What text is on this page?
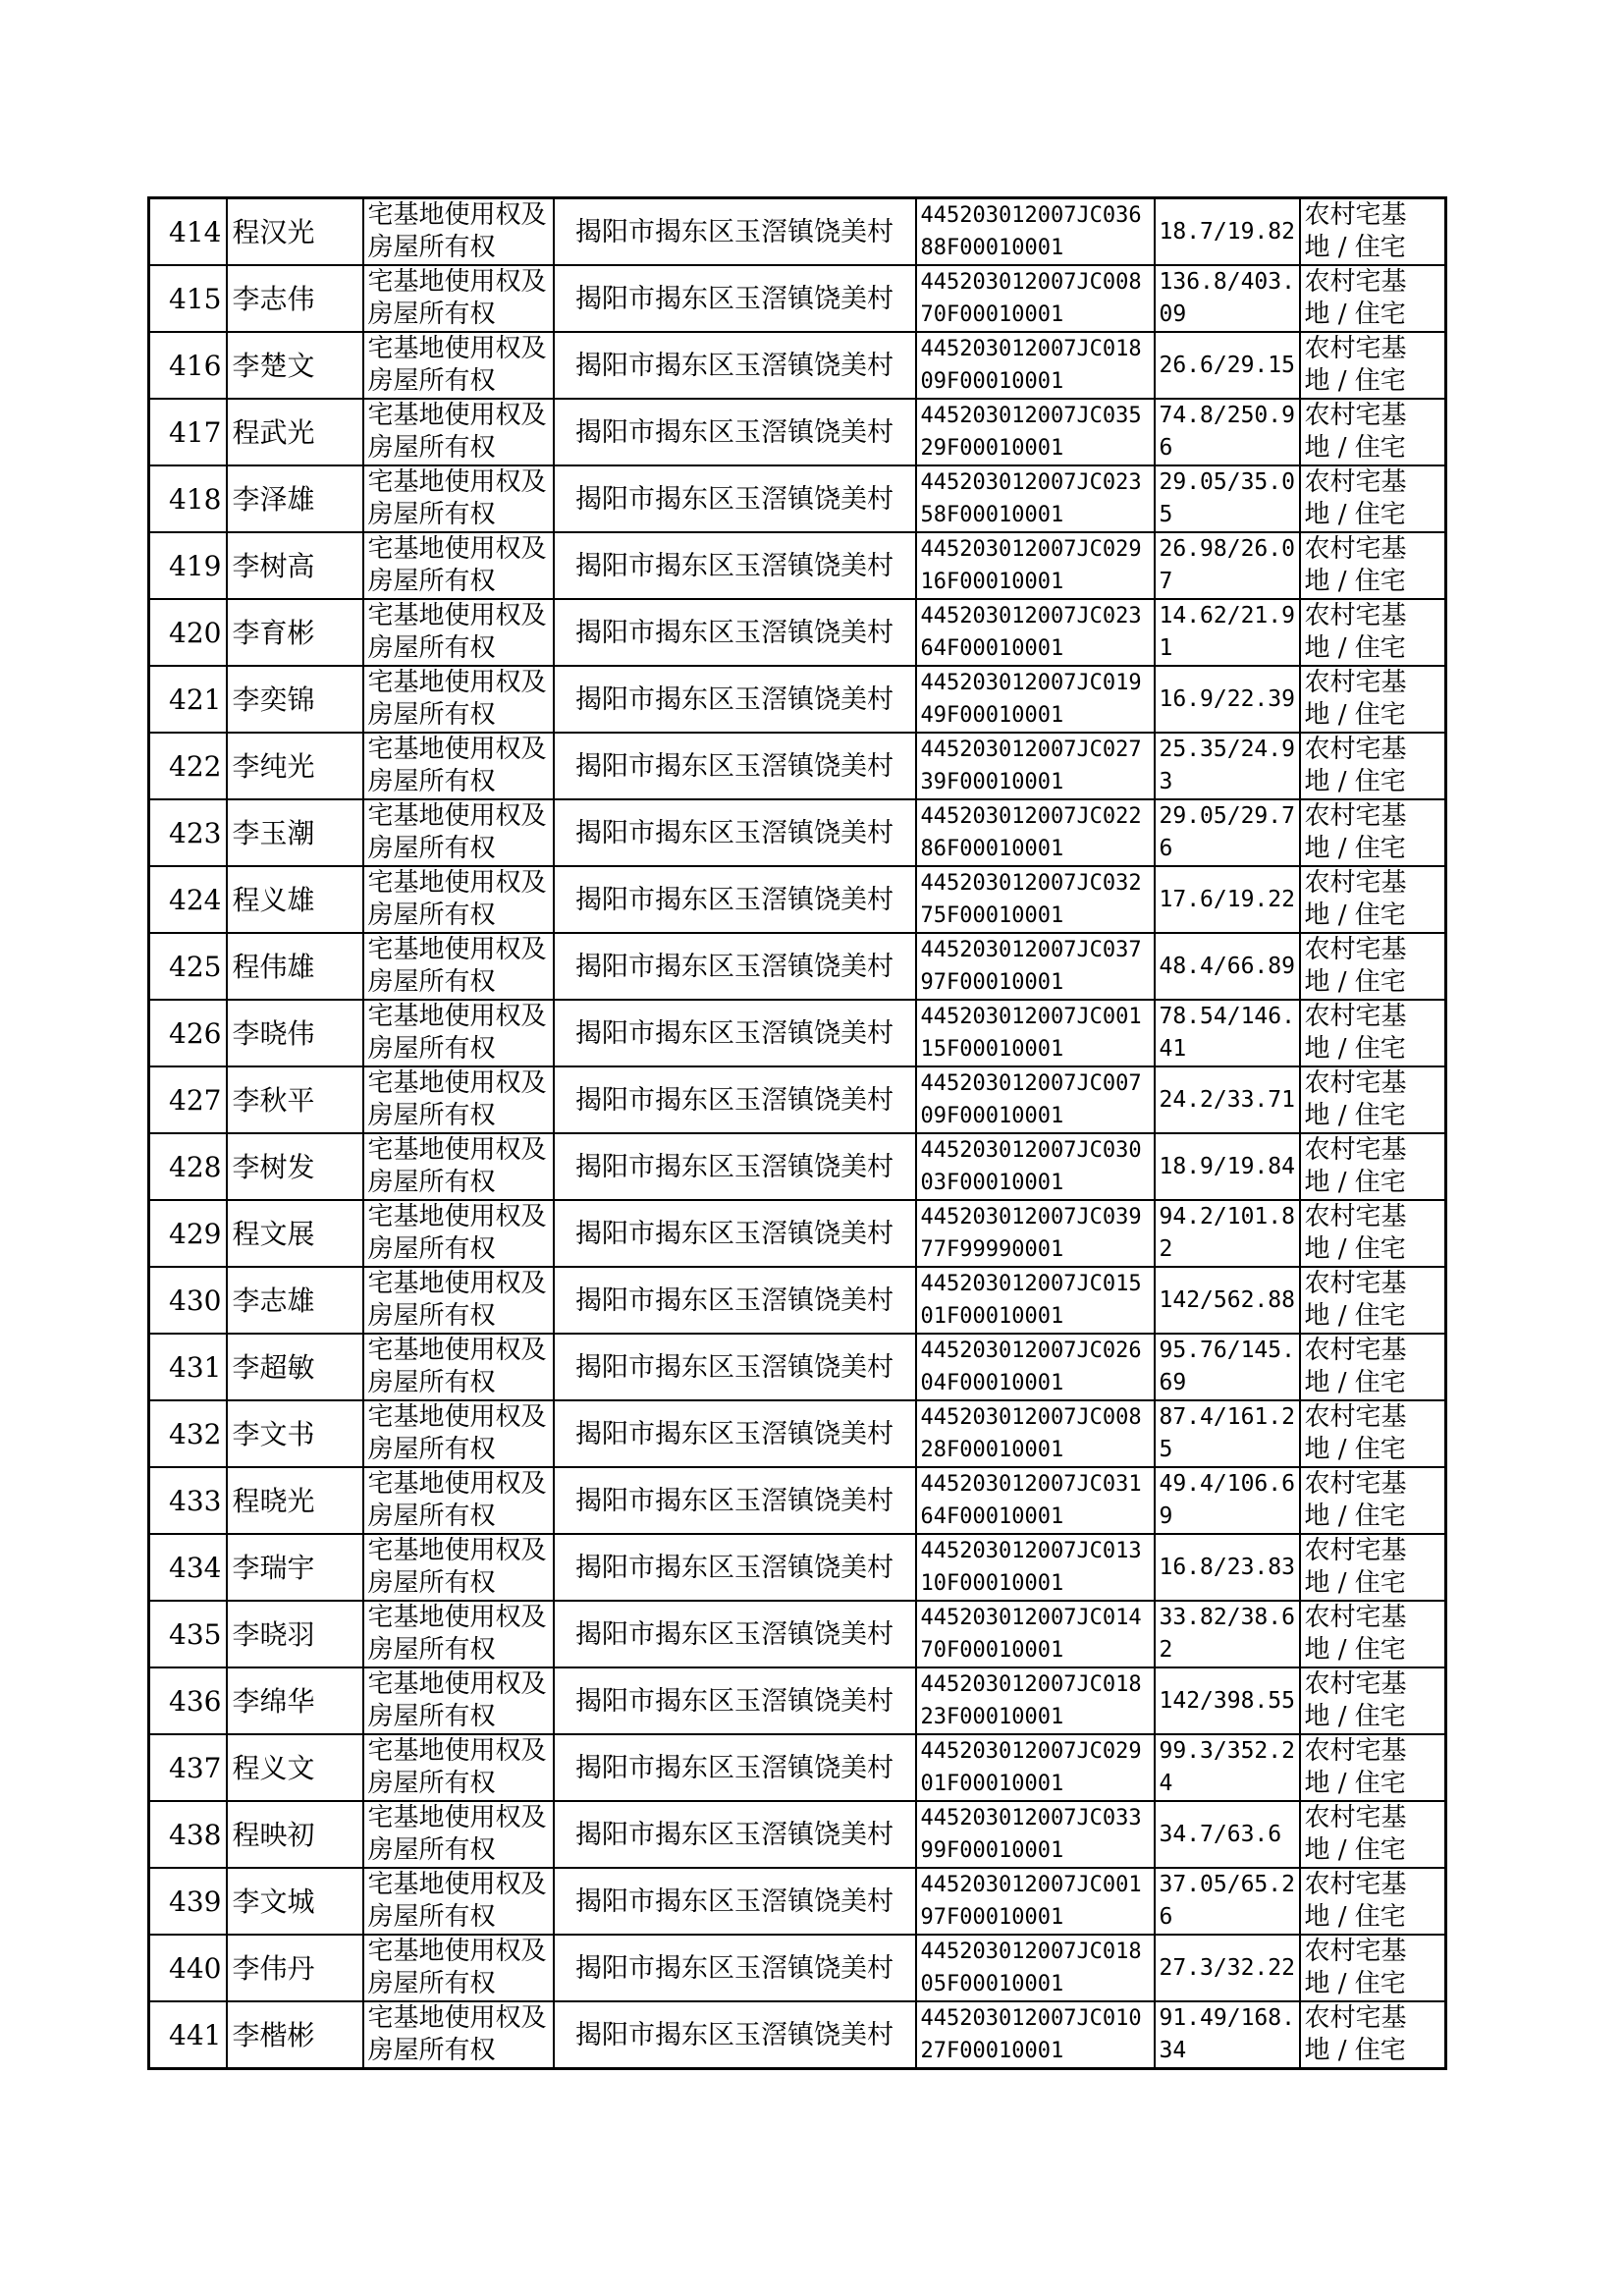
414	程汉光	宅基地使用权及房屋所有权	揭阳市揭东区玉滘镇饶美村	445203012007JC03688F00010001	18.7/19.82	农村宅基
地 / 住宅

415	李志伟	宅基地使用权及房屋所有权	揭阳市揭东区玉滘镇饶美村	445203012007JC00870F00010001	136.8/403.09	农村宅基
地 / 住宅

416	李楚文	宅基地使用权及房屋所有权	揭阳市揭东区玉滘镇饶美村	445203012007JC01809F00010001	26.6/29.15	农村宅基
地 / 住宅

417	程武光	宅基地使用权及房屋所有权	揭阳市揭东区玉滘镇饶美村	445203012007JC03529F00010001	74.8/250.96	农村宅基
地 / 住宅

418	李泽雄	宅基地使用权及房屋所有权	揭阳市揭东区玉滘镇饶美村	445203012007JC02358F00010001	29.05/35.05	农村宅基
地 / 住宅

419	李树高	宅基地使用权及房屋所有权	揭阳市揭东区玉滘镇饶美村	445203012007JC02916F00010001	26.98/26.07	农村宅基
地 / 住宅

420	李育彬	宅基地使用权及房屋所有权	揭阳市揭东区玉滘镇饶美村	445203012007JC02364F00010001	14.62/21.91	农村宅基
地 / 住宅

421	李奕锦	宅基地使用权及房屋所有权	揭阳市揭东区玉滘镇饶美村	445203012007JC01949F00010001	16.9/22.39	农村宅基
地 / 住宅

422	李纯光	宅基地使用权及房屋所有权	揭阳市揭东区玉滘镇饶美村	445203012007JC02739F00010001	25.35/24.93	农村宅基
地 / 住宅

423	李玉潮	宅基地使用权及房屋所有权	揭阳市揭东区玉滘镇饶美村	445203012007JC02286F00010001	29.05/29.76	农村宅基
地 / 住宅

424	程义雄	宅基地使用权及房屋所有权	揭阳市揭东区玉滘镇饶美村	445203012007JC03275F00010001	17.6/19.22	农村宅基
地 / 住宅

425	程伟雄	宅基地使用权及房屋所有权	揭阳市揭东区玉滘镇饶美村	445203012007JC03797F00010001	48.4/66.89	农村宅基
地 / 住宅

426	李晓伟	宅基地使用权及房屋所有权	揭阳市揭东区玉滘镇饶美村	445203012007JC00115F00010001	78.54/146.41	农村宅基
地 / 住宅

427	李秋平	宅基地使用权及房屋所有权	揭阳市揭东区玉滘镇饶美村	445203012007JC00709F00010001	24.2/33.71	农村宅基
地 / 住宅

428	李树发	宅基地使用权及房屋所有权	揭阳市揭东区玉滘镇饶美村	445203012007JC03003F00010001	18.9/19.84	农村宅基
地 / 住宅

429	程文展	宅基地使用权及房屋所有权	揭阳市揭东区玉滘镇饶美村	445203012007JC03977F99990001	94.2/101.82	农村宅基
地 / 住宅

430	李志雄	宅基地使用权及房屋所有权	揭阳市揭东区玉滘镇饶美村	445203012007JC01501F00010001	142/562.88	农村宅基
地 / 住宅

431	李超敏	宅基地使用权及房屋所有权	揭阳市揭东区玉滘镇饶美村	445203012007JC02604F00010001	95.76/145.69	农村宅基
地 / 住宅

432	李文书	宅基地使用权及房屋所有权	揭阳市揭东区玉滘镇饶美村	445203012007JC00828F00010001	87.4/161.25	农村宅基
地 / 住宅

433	程晓光	宅基地使用权及房屋所有权	揭阳市揭东区玉滘镇饶美村	445203012007JC03164F00010001	49.4/106.69	农村宅基
地 / 住宅

434	李瑞宇	宅基地使用权及房屋所有权	揭阳市揭东区玉滘镇饶美村	445203012007JC01310F00010001	16.8/23.83	农村宅基
地 / 住宅

435	李晓羽	宅基地使用权及房屋所有权	揭阳市揭东区玉滘镇饶美村	445203012007JC01470F00010001	33.82/38.62	农村宅基
地 / 住宅

436	李绵华	宅基地使用权及房屋所有权	揭阳市揭东区玉滘镇饶美村	445203012007JC01823F00010001	142/398.55	农村宅基
地 / 住宅

437	程义文	宅基地使用权及房屋所有权	揭阳市揭东区玉滘镇饶美村	445203012007JC02901F00010001	99.3/352.24	农村宅基
地 / 住宅

438	程映初	宅基地使用权及房屋所有权	揭阳市揭东区玉滘镇饶美村	445203012007JC03399F00010001	34.7/63.6	农村宅基
地 / 住宅

439	李文城	宅基地使用权及房屋所有权	揭阳市揭东区玉滘镇饶美村	445203012007JC00197F00010001	37.05/65.26	农村宅基
地 / 住宅

440	李伟丹	宅基地使用权及房屋所有权	揭阳市揭东区玉滘镇饶美村	445203012007JC01805F00010001	27.3/32.22	农村宅基
地 / 住宅

441	李楷彬	宅基地使用权及房屋所有权	揭阳市揭东区玉滘镇饶美村	445203012007JC01027F00010001	91.49/168.34	农村宅基
地 / 住宅
